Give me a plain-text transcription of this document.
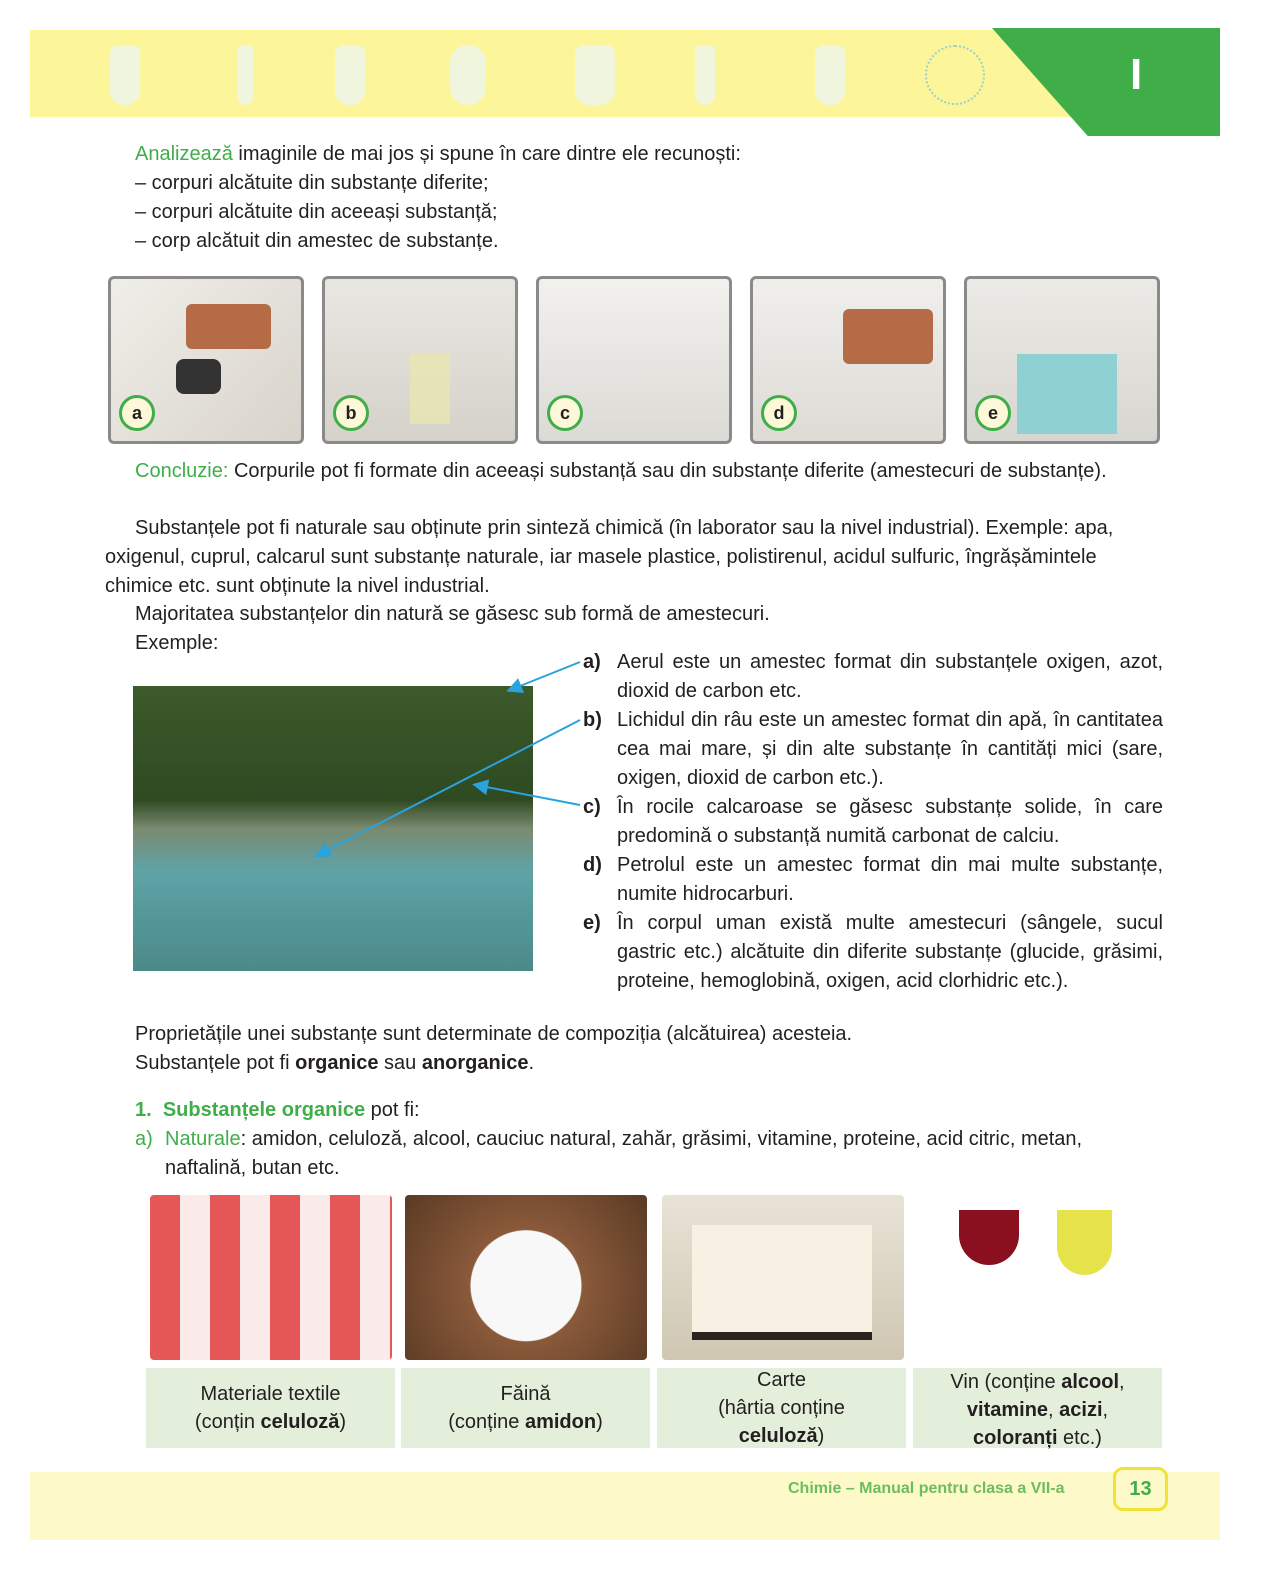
I
Analizează imaginile de mai jos și spune în care dintre ele recunoști:
– corpuri alcătuite din substanțe diferite;
– corpuri alcătuite din aceeași substanță;
– corp alcătuit din amestec de substanțe.
a	b	c	d	e
Concluzie: Corpurile pot fi formate din aceeași substanță sau din substanțe diferite (amestecuri de substanțe).
Substanțele pot fi naturale sau obținute prin sinteză chimică (în laborator sau la nivel industrial). Exemple: apa, oxigenul, cuprul, calcarul sunt substanțe naturale, iar masele plastice, polistirenul, acidul sulfuric, îngrășămintele chimice etc. sunt obținute la nivel industrial.
Majoritatea substanțelor din natură se găsesc sub formă de amestecuri.
Exemple:
a) Aerul este un amestec format din substanțele oxigen, azot, dioxid de carbon etc.
b) Lichidul din râu este un amestec format din apă, în cantitatea cea mai mare, și din alte substanțe în cantități mici (sare, oxigen, dioxid de carbon etc.).
c) În rocile calcaroase se găsesc substanțe solide, în care predomină o substanță numită carbonat de calciu.
d) Petrolul este un amestec format din mai multe substanțe, numite hidrocarburi.
e) În corpul uman există multe amestecuri (sângele, sucul gastric etc.) alcătuite din diferite substanțe (glucide, grăsimi, proteine, hemoglobină, oxigen, acid clorhidric etc.).
Proprietățile unei substanțe sunt determinate de compoziția (alcătuirea) acesteia.
Substanțele pot fi organice sau anorganice.
1. Substanțele organice pot fi:
a) Naturale: amidon, celuloză, alcool, cauciuc natural, zahăr, grăsimi, vitamine, proteine, acid citric, metan, naftalină, butan etc.
Materiale textile
(conțin celuloză)
Făină
(conține amidon)
Carte
(hârtia conține
celuloză)
Vin (conține alcool,
vitamine, acizi,
coloranți etc.)
Chimie – Manual pentru clasa a VII-a	13
